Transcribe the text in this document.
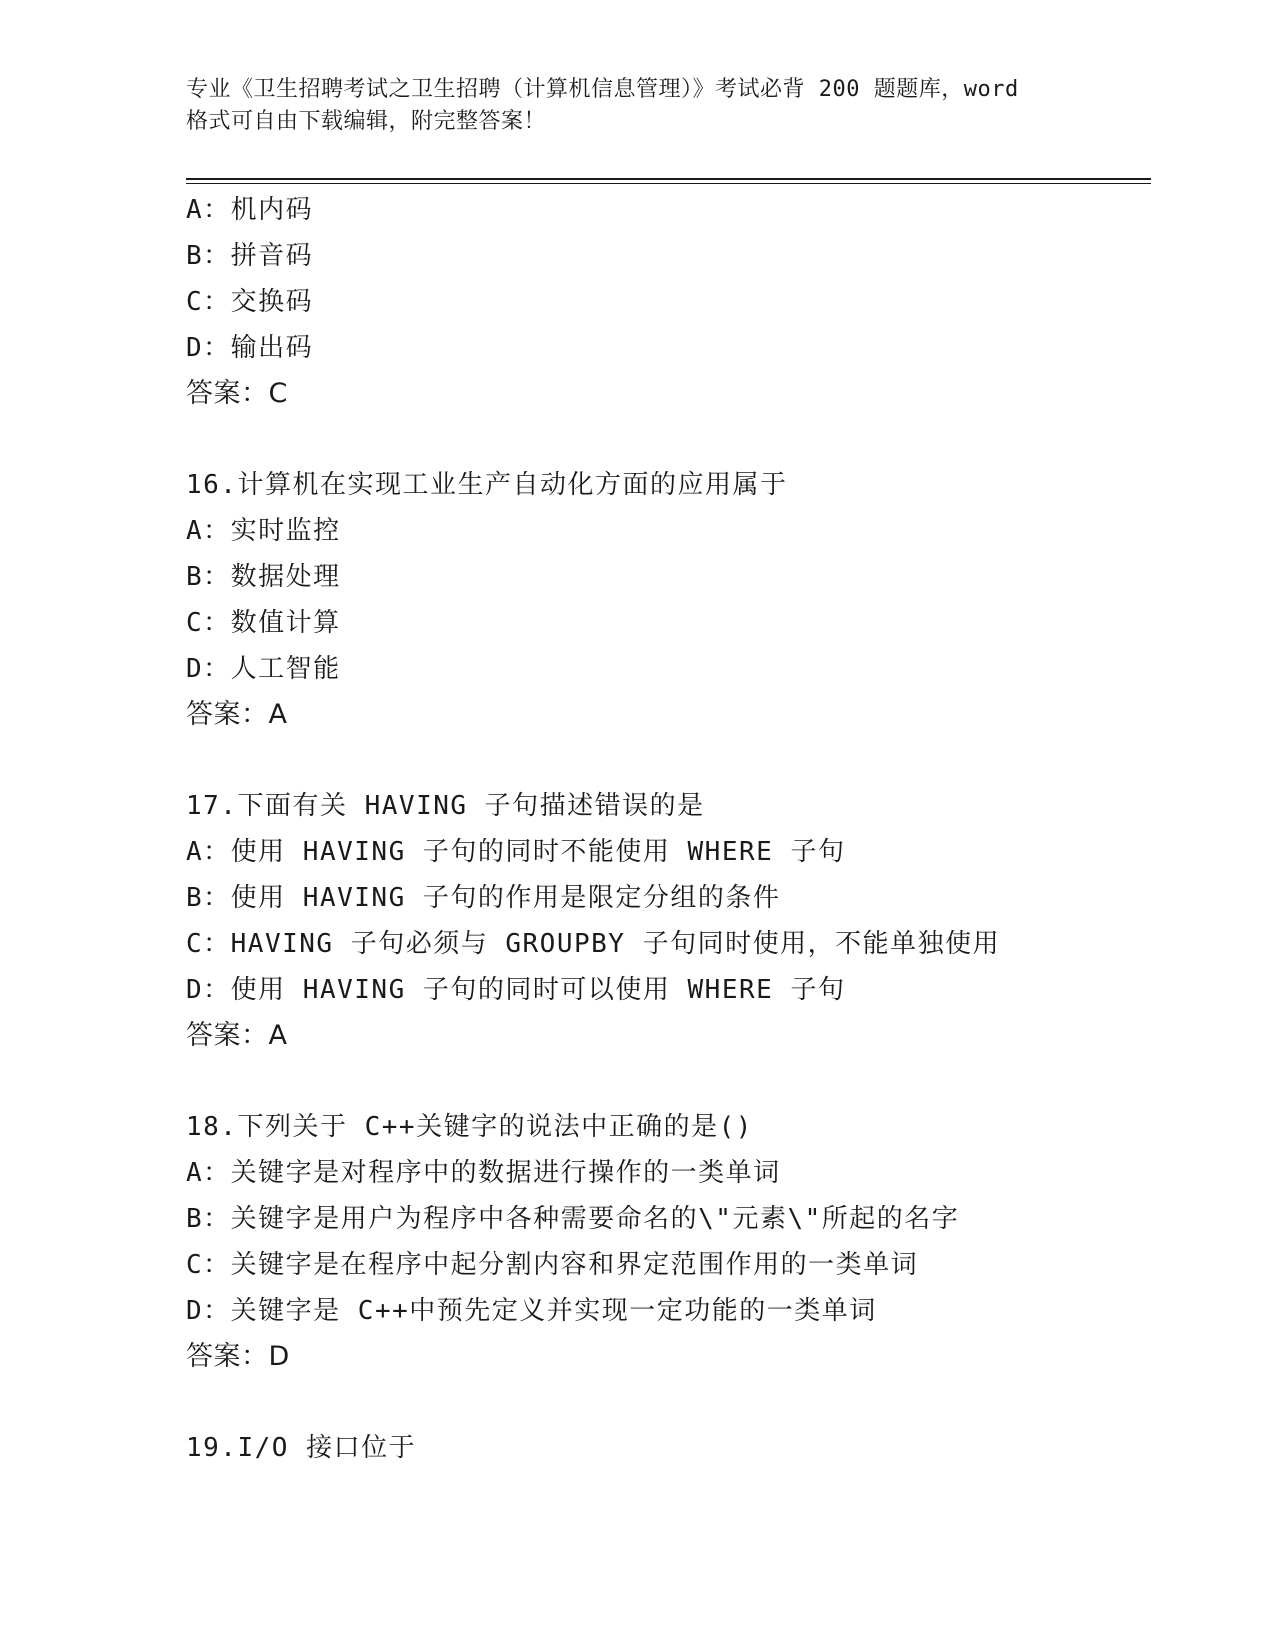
专业《卫生招聘考试之卫生招聘（计算机信息管理）》考试必背 200 题题库，word
格式可自由下载编辑，附完整答案！
A：机内码
B：拼音码
C：交换码
D：输出码
答案：C
16.计算机在实现工业生产自动化方面的应用属于
A：实时监控
B：数据处理
C：数值计算
D：人工智能
答案：A
17.下面有关 HAVING 子句描述错误的是
A：使用 HAVING 子句的同时不能使用 WHERE 子句
B：使用 HAVING 子句的作用是限定分组的条件
C：HAVING 子句必须与 GROUPBY 子句同时使用，不能单独使用
D：使用 HAVING 子句的同时可以使用 WHERE 子句
答案：A
18.下列关于 C++关键字的说法中正确的是()
A：关键字是对程序中的数据进行操作的一类单词
B：关键字是用户为程序中各种需要命名的\"元素\"所起的名字
C：关键字是在程序中起分割内容和界定范围作用的一类单词
D：关键字是 C++中预先定义并实现一定功能的一类单词
答案：D
19.I/O 接口位于
